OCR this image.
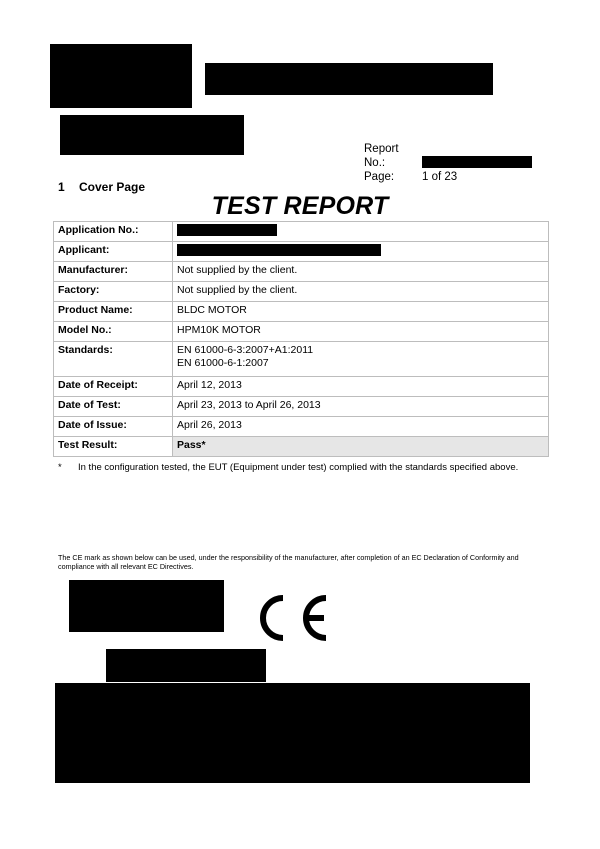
Report No.:
Page: 1 of 23
1 Cover Page
TEST REPORT
Application No.:	
Applicant:	
Manufacturer:	Not supplied by the client.
Factory:	Not supplied by the client.
Product Name:	BLDC MOTOR
Model No.:	HPM10K MOTOR
Standards:	EN 61000-6-3:2007+A1:2011
EN 61000-6-1:2007

Date of Receipt:	April 12, 2013
Date of Test:	April 23, 2013 to April 26, 2013
Date of Issue:	April 26, 2013
Test Result:	Pass*
* In the configuration tested, the EUT (Equipment under test) complied with the standards specified above.
The CE mark as shown below can be used, under the responsibility of the manufacturer, after completion of an EC Declaration of Conformity and compliance with all relevant EC Directives.
